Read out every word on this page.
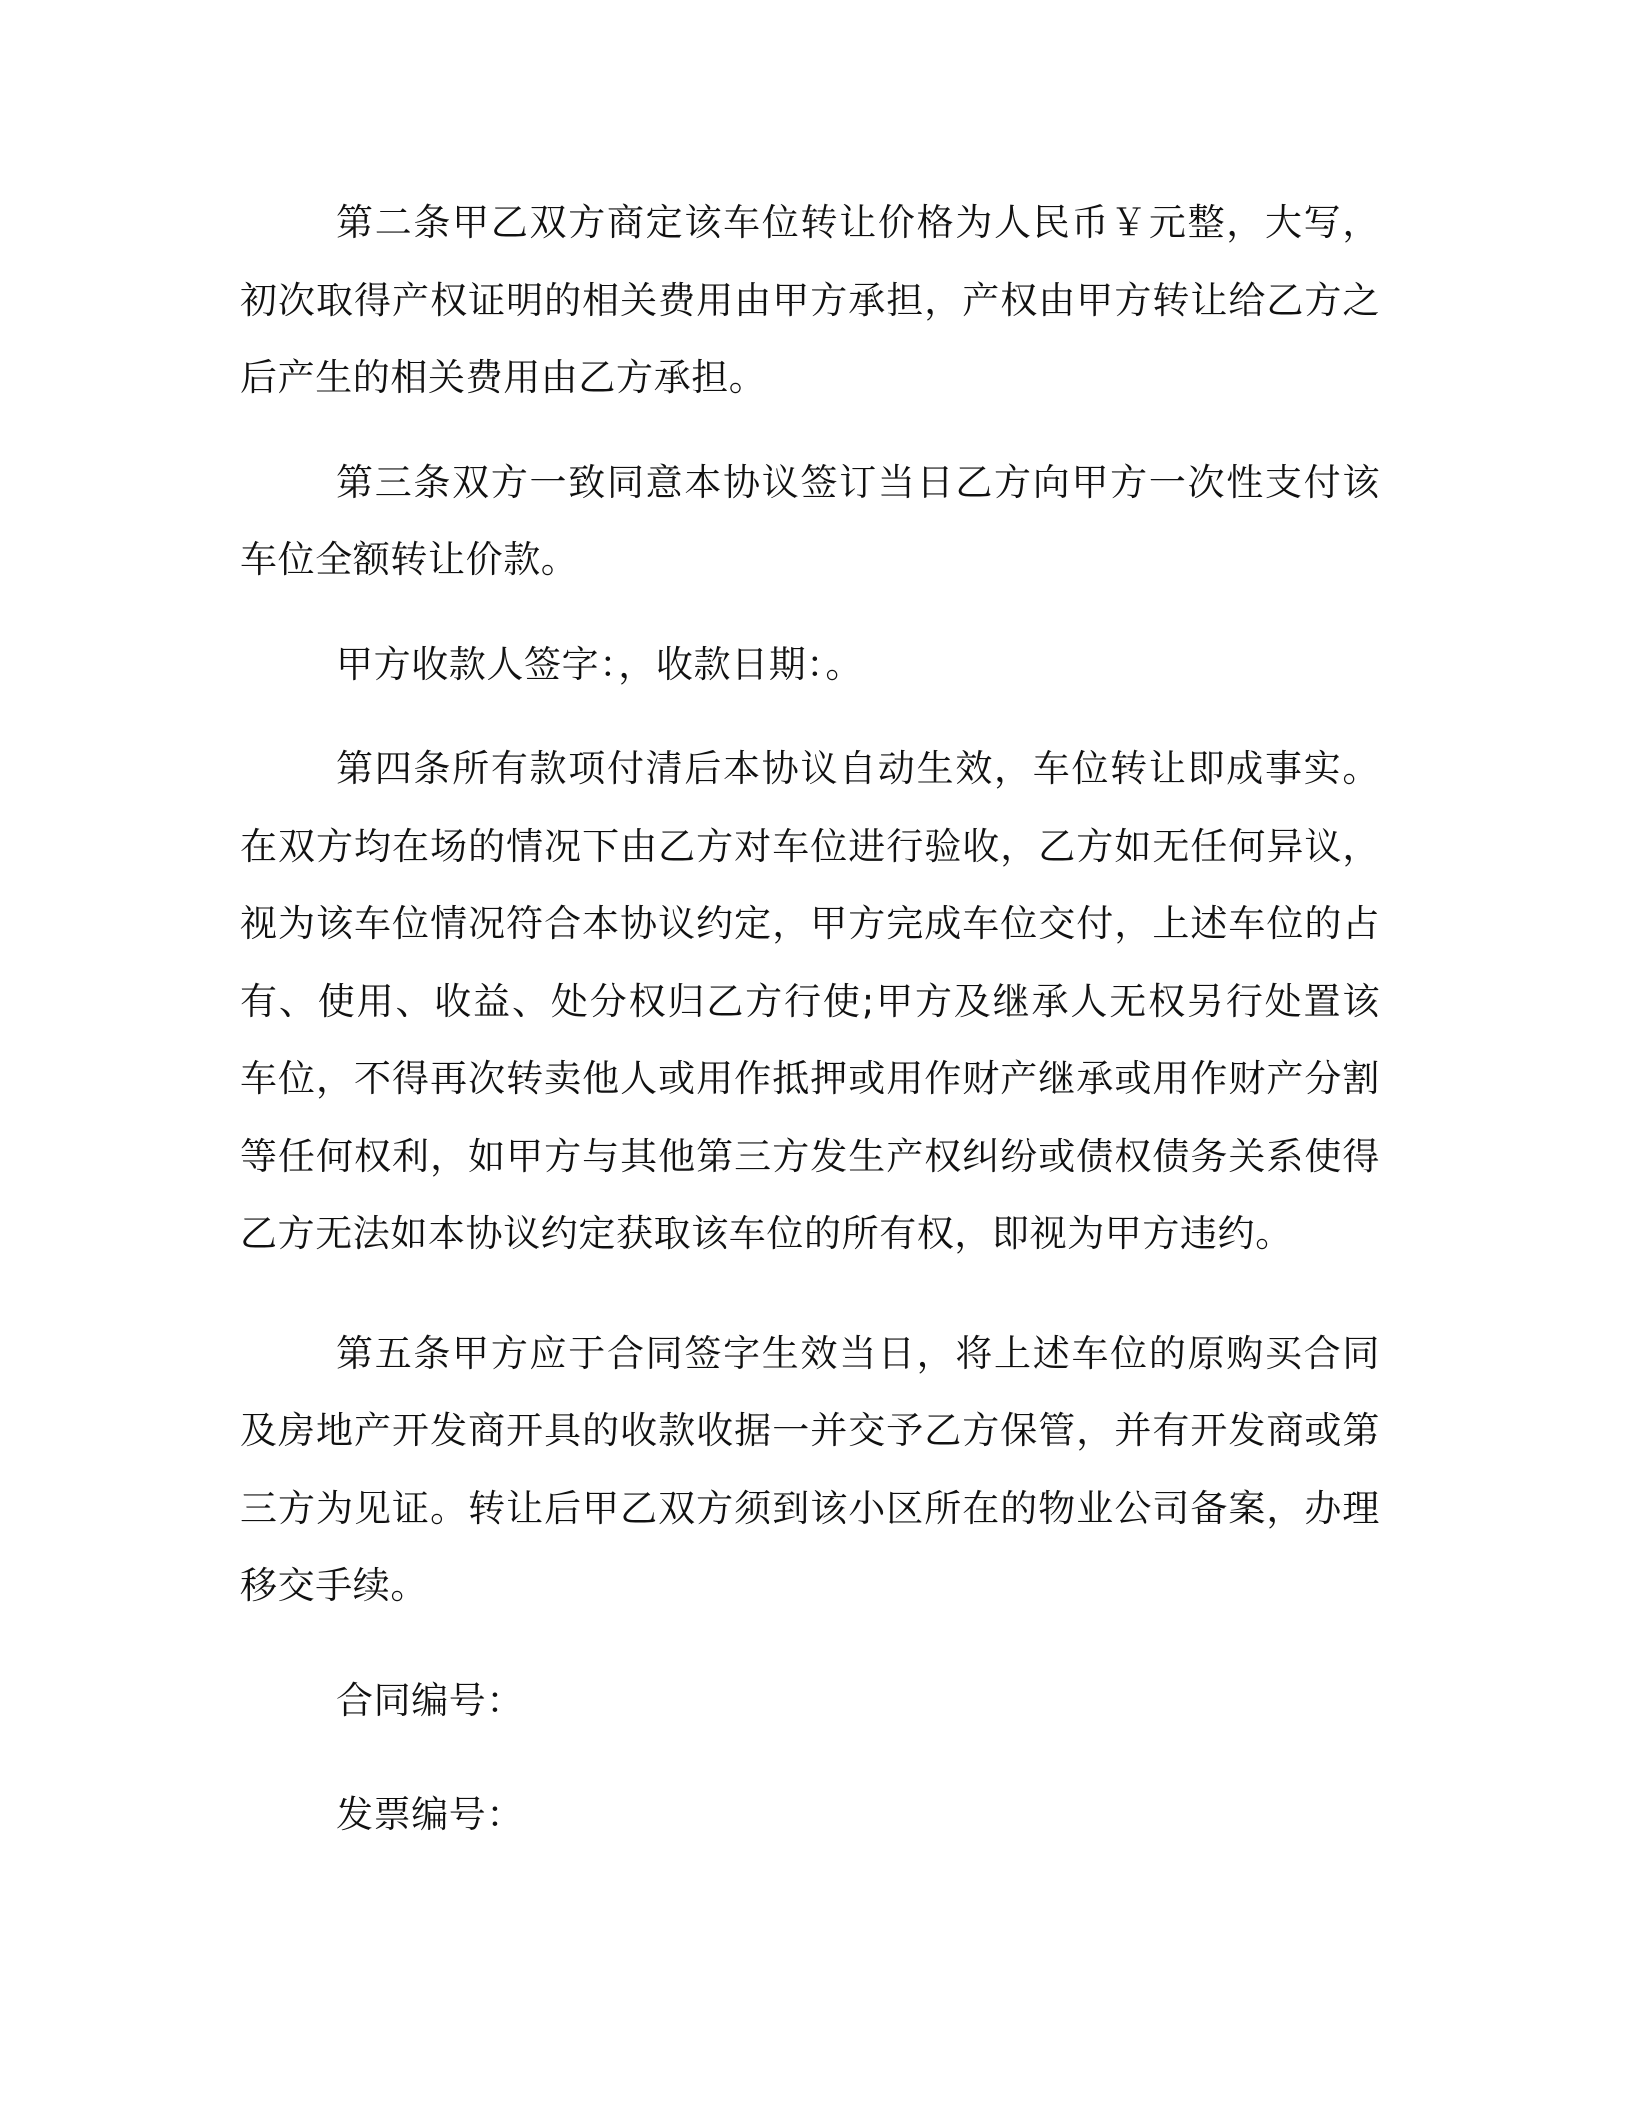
第二条甲乙双方商定该车位转让价格为人民币￥元整，大写，初次取得产权证明的相关费用由甲方承担，产权由甲方转让给乙方之后产生的相关费用由乙方承担。

第三条双方一致同意本协议签订当日乙方向甲方一次性支付该车位全额转让价款。

甲方收款人签字：，收款日期：。

第四条所有款项付清后本协议自动生效，车位转让即成事实。在双方均在场的情况下由乙方对车位进行验收，乙方如无任何异议，视为该车位情况符合本协议约定，甲方完成车位交付，上述车位的占有、使用、收益、处分权归乙方行使;甲方及继承人无权另行处置该车位，不得再次转卖他人或用作抵押或用作财产继承或用作财产分割等任何权利，如甲方与其他第三方发生产权纠纷或债权债务关系使得乙方无法如本协议约定获取该车位的所有权，即视为甲方违约。

第五条甲方应于合同签字生效当日，将上述车位的原购买合同及房地产开发商开具的收款收据一并交予乙方保管，并有开发商或第三方为见证。转让后甲乙双方须到该小区所在的物业公司备案，办理移交手续。

合同编号：

发票编号：
